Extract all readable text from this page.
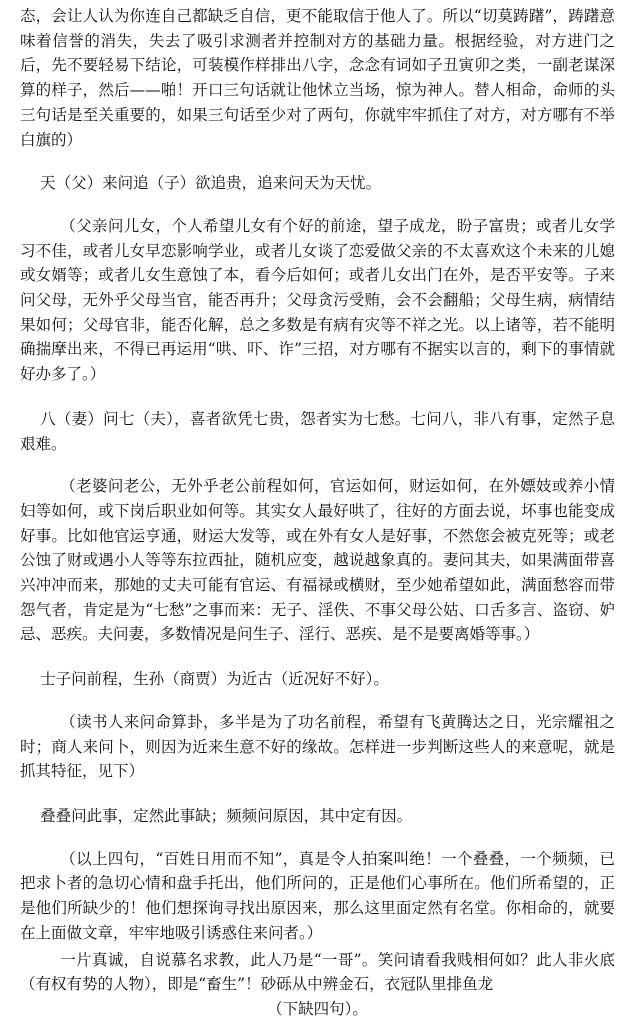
态，会让人认为你连自己都缺乏自信，更不能取信于他人了。所以“切莫踌躇”，踌躇意味着信誉的消失，失去了吸引求测者并控制对方的基础力量。根据经验，对方进门之后，先不要轻易下结论，可装模作样排出八字，念念有词如子丑寅卯之类，一副老谋深算的样子，然后——啪！开口三句话就让他怵立当场，惊为神人。替人相命，命师的头三句话是至关重要的，如果三句话至少对了两句，你就牢牢抓住了对方，对方哪有不举白旗的）

天（父）来问追（子）欲追贵，追来问天为天忧。

（父亲问儿女，个人希望儿女有个好的前途，望子成龙，盼子富贵；或者儿女学习不佳，或者儿女早恋影响学业，或者儿女谈了恋爱做父亲的不太喜欢这个未来的儿媳或女婿等；或者儿女生意蚀了本，看今后如何；或者儿女出门在外，是否平安等。子来问父母，无外乎父母当官，能否再升；父母贪污受贿，会不会翻船；父母生病，病情结果如何；父母官非，能否化解，总之多数是有病有灾等不祥之光。以上诸等，若不能明确揣摩出来，不得已再运用“哄、吓、诈”三招，对方哪有不据实以言的，剩下的事情就好办多了。）

八（妻）问七（夫），喜者欲凭七贵，怨者实为七愁。七问八，非八有事，定然子息艰难。

（老婆问老公，无外乎老公前程如何，官运如何，财运如何，在外嫖妓或养小情妇等如何，或下岗后职业如何等。其实女人最好哄了，往好的方面去说，坏事也能变成好事。比如他官运亨通，财运大发等，或在外有女人是好事，不然您会被克死等；或老公蚀了财或遇小人等等东拉西扯，随机应变，越说越象真的。妻问其夫，如果满面带喜兴冲冲而来，那她的丈夫可能有官运、有福禄或横财，至少她希望如此，满面愁容而带怨气者，肯定是为“七愁”之事而来：无子、淫佚、不事父母公姑、口舌多言、盗窃、妒忌、恶疾。夫问妻，多数情况是问生子、淫行、恶疾、是不是要离婚等事。）

士子问前程，生孙（商贾）为近古（近况好不好）。

（读书人来问命算卦，多半是为了功名前程，希望有飞黄腾达之日，光宗耀祖之时；商人来问卜，则因为近来生意不好的缘故。怎样进一步判断这些人的来意呢，就是抓其特征，见下）

叠叠问此事，定然此事缺；频频问原因，其中定有因。

（以上四句，“百姓日用而不知”，真是令人拍案叫绝！一个叠叠，一个频频，已把求卜者的急切心情和盘手托出，他们所问的，正是他们心事所在。他们所希望的，正是他们所缺少的！他们想探询寻找出原因来，那么这里面定然有名堂。你相命的，就要在上面做文章，牢牢地吸引诱惑住来问者。）

一片真诚，自说慕名求教，此人乃是“一哥”。笑问请看我贱相何如？此人非火底（有权有势的人物），即是“畜生”！砂砾从中辨金石，衣冠队里排鱼龙

（下缺四句）。
